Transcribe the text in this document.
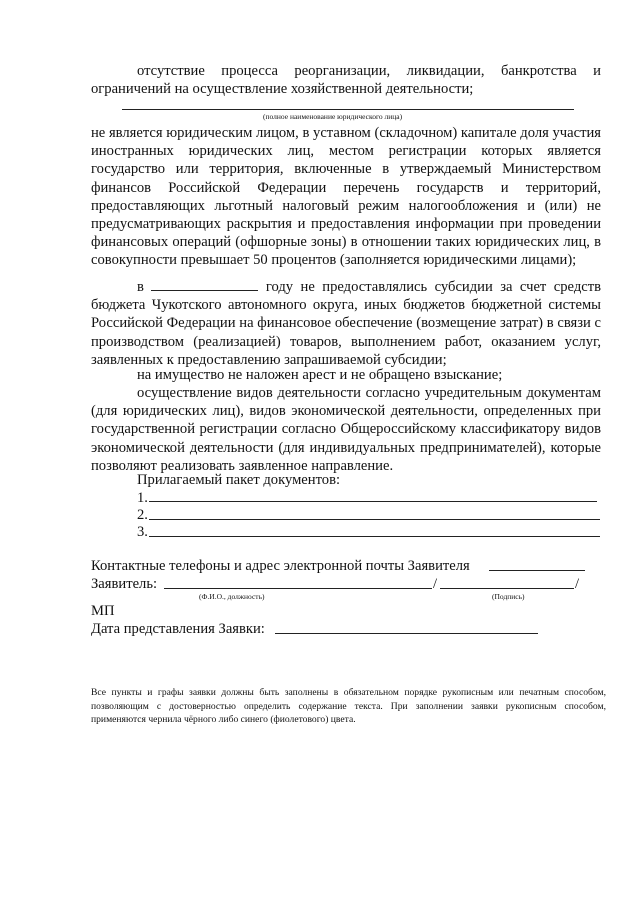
отсутствие процесса реорганизации, ликвидации, банкротства и ограничений на осуществление хозяйственной деятельности;

(полное наименование юридического лица)

не является юридическим лицом, в уставном (складочном) капитале доля участия иностранных юридических лиц, местом регистрации которых является государство или территория, включенные в утверждаемый Министерством финансов Российской Федерации перечень государств и территорий, предоставляющих льготный налоговый режим налогообложения и (или) не предусматривающих раскрытия и предоставления информации при проведении финансовых операций (офшорные зоны) в отношении таких юридических лиц, в совокупности превышает 50 процентов (заполняется юридическими лицами);

в	году не предоставлялись субсидии за счет средств бюджета Чукотского автономного округа, иных бюджетов бюджетной системы Российской Федерации на финансовое обеспечение (возмещение затрат) в связи с производством (реализацией) товаров, выполнением работ, оказанием услуг, заявленных к предоставлению запрашиваемой субсидии;

на имущество не наложен арест и не обращено взыскание;

осуществление видов деятельности согласно учредительным документам (для юридических лиц), видов экономической деятельности, определенных при государственной регистрации согласно Общероссийскому классификатору видов экономической деятельности (для индивидуальных предпринимателей), которые позволяют реализовать заявленное направление.

Прилагаемый пакет документов:
1.
2.
3.
Контактные телефоны и адрес электронной почты Заявителя
Заявитель:	/	/
(Ф.И.О., должность)	(Подпись)
МП
Дата представления Заявки:

Все пункты и графы заявки должны быть заполнены в обязательном порядке рукописным или печатным способом, позволяющим с достоверностью определить содержание текста. При заполнении заявки рукописным способом, применяются чернила чёрного либо синего (фиолетового) цвета.
